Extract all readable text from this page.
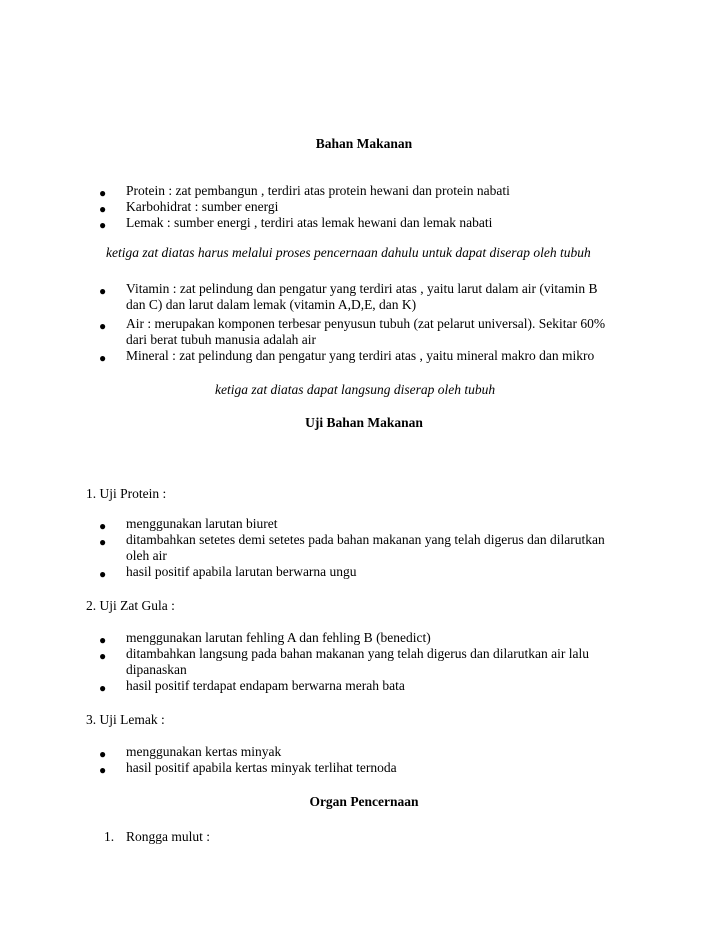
Bahan Makanan
● Protein : zat pembangun , terdiri atas protein hewani dan protein nabati
● Karbohidrat : sumber energi
● Lemak : sumber energi , terdiri atas lemak hewani dan lemak nabati
ketiga zat diatas harus melalui proses pencernaan dahulu untuk dapat diserap oleh tubuh
● Vitamin : zat pelindung dan pengatur yang terdiri atas , yaitu larut dalam air (vitamin B
dan C) dan larut dalam lemak (vitamin A,D,E, dan K)
● Air : merupakan komponen terbesar penyusun tubuh (zat pelarut universal). Sekitar 60%
dari berat tubuh manusia adalah air
● Mineral : zat pelindung dan pengatur yang terdiri atas , yaitu mineral makro dan mikro
ketiga zat diatas dapat langsung diserap oleh tubuh
Uji Bahan Makanan
1. Uji Protein :
● menggunakan larutan biuret
● ditambahkan setetes demi setetes pada bahan makanan yang telah digerus dan dilarutkan
oleh air
● hasil positif apabila larutan berwarna ungu
2. Uji Zat Gula :
● menggunakan larutan fehling A dan fehling B (benedict)
● ditambahkan langsung pada bahan makanan yang telah digerus dan dilarutkan air lalu
dipanaskan
● hasil positif terdapat endapam berwarna merah bata
3. Uji Lemak :
● menggunakan kertas minyak
● hasil positif apabila kertas minyak terlihat ternoda
Organ Pencernaan
1. Rongga mulut :
